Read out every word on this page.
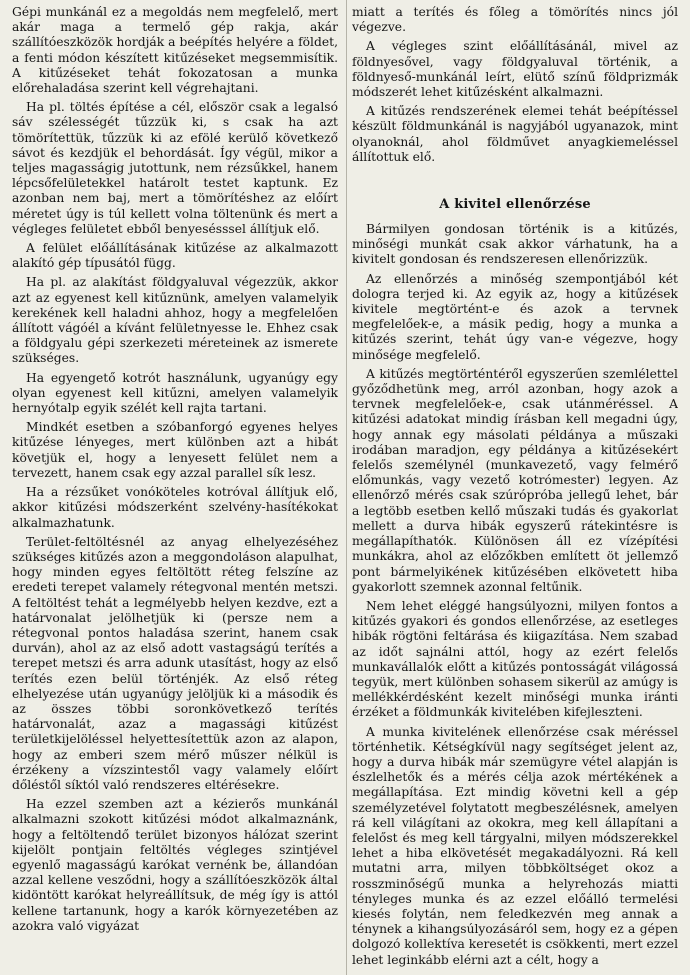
Gépi munkánál ez a megoldás nem megfelelő, mert akár maga a termelő gép rakja, akár szállítóeszközök hordják a beépítés helyére a földet, a fenti módon készített kitűzéseket megsemmisítik. A kitűzéseket tehát fokozatosan a munka előrehaladása szerint kell végrehajtani.

Ha pl. töltés építése a cél, először csak a legalsó sáv szélességét tűzzük ki, s csak ha azt tömörítettük, tűzzük ki az efölé kerülő következő sávot és kezdjük el behordását. Így végül, mikor a teljes magasságig jutottunk, nem rézsűkkel, hanem lépcsőfelületekkel határolt testet kaptunk. Ez azonban nem baj, mert a tömörítéshez az előírt méretet úgy is túl kellett volna töltenünk és mert a végleges felületet ebből benyesésssel állítjuk elő.

A felület előállításának kitűzése az alkalmazott alakító gép típusától függ.

Ha pl. az alakítást földgyaluval végezzük, akkor azt az egyenest kell kitűznünk, amelyen valamelyik kerekének kell haladni ahhoz, hogy a megfelelően állított vágóél a kívánt felületnyesse le. Ehhez csak a földgyalu gépi szerkezeti méreteinek az ismerete szükséges.

Ha egyengető kotrót használunk, ugyanúgy egy olyan egyenest kell kitűzni, amelyen valamelyik hernyótalp egyik szélét kell rajta tartani.

Mindkét esetben a szóbanforgó egyenes helyes kitűzése lényeges, mert különben azt a hibát követjük el, hogy a lenyesett felület nem a tervezett, hanem csak egy azzal parallel sík lesz.

Ha a rézsűket vonóköteles kotróval állítjuk elő, akkor kitűzési módszerként szelvény-hasítékokat alkalmazhatunk.

Terület-feltöltésnél az anyag elhelyezéséhez szükséges kitűzés azon a meggondoláson alapulhat, hogy minden egyes feltöltött réteg felszíne az eredeti terepet valamely rétegvonal mentén metszi. A feltöltést tehát a legmélyebb helyen kezdve, ezt a határvonalat jelölhetjük ki (persze nem a rétegvonal pontos haladása szerint, hanem csak durván), ahol az az első adott vastagságú terítés a terepet metszi és arra adunk utasítást, hogy az első terítés ezen belül történjék. Az első réteg elhelyezése után ugyanúgy jelöljük ki a második és az összes többi soronkövetkező terítés határvonalát, azaz a magassági kitűzést területkijelöléssel helyettesítettük azon az alapon, hogy az emberi szem mérő műszer nélkül is érzékeny a vízszintestől vagy valamely előírt dőléstől síktól való rendszeres eltérésekre.

Ha ezzel szemben azt a kézierős munkánál alkalmazni szokott kitűzési módot alkalmaznánk, hogy a feltöltendő terület bizonyos hálózat szerint kijelölt pontjain feltöltés végleges szintjével egyenlő magasságú karókat vernénk be, állandóan azzal kellene vesződni, hogy a szállítóeszközök által kidöntött karókat helyreállítsuk, de még így is attól kellene tartanunk, hogy a karók környezetében az azokra való vigyázat

miatt a terítés és főleg a tömörítés nincs jól végezve.

A végleges szint előállításánál, mivel az földnyesővel, vagy földgyaluval történik, a földnyeső-munkánál leírt, elütő színű földprizmák módszerét lehet kitűzésként alkalmazni.

A kitűzés rendszerének elemei tehát beépítéssel készült földmunkánál is nagyjából ugyanazok, mint olyanoknál, ahol földművet anyagkiemeléssel állítottuk elő.

A kivitel ellenőrzése

Bármilyen gondosan történik is a kitűzés, minőségi munkát csak akkor várhatunk, ha a kivitelt gondosan és rendszeresen ellenőrizzük.

Az ellenőrzés a minőség szempontjából két dologra terjed ki. Az egyik az, hogy a kitűzések kivitele megtörtént-e és azok a tervnek megfelelőek-e, a másik pedig, hogy a munka a kitűzés szerint, tehát úgy van-e végezve, hogy minősége megfelelő.

A kitűzés megtörténtéről egyszerűen szemlélettel győződhetünk meg, arról azonban, hogy azok a tervnek megfelelőek-e, csak utánméréssel. A kitűzési adatokat mindig írásban kell megadni úgy, hogy annak egy másolati példánya a műszaki irodában maradjon, egy példánya a kitűzésekért felelős személynél (munkavezető, vagy felmérő előmunkás, vagy vezető kotrómester) legyen. Az ellenőrző mérés csak szúrópróba jellegű lehet, bár a legtöbb esetben kellő műszaki tudás és gyakorlat mellett a durva hibák egyszerű rátekintésre is megállapíthatók. Különösen áll ez vízépítési munkákra, ahol az előzőkben említett öt jellemző pont bármelyikének kitűzésében elkövetett hiba gyakorlott szemnek azonnal feltűnik.

Nem lehet eléggé hangsúlyozni, milyen fontos a kitűzés gyakori és gondos ellenőrzése, az esetleges hibák rögtöni feltárása és kiigazítása. Nem szabad az időt sajnálni attól, hogy az ezért felelős munkavállalók előtt a kitűzés pontosságát világossá tegyük, mert különben sohasem sikerül az amúgy is mellékkérdésként kezelt minőségi munka iránti érzéket a földmunkák kivitelében kifejleszteni.

A munka kivitelének ellenőrzése csak méréssel történhetik. Kétségkívül nagy segítséget jelent az, hogy a durva hibák már szemügyre vétel alapján is észlelhetők és a mérés célja azok mértékének a megállapítása. Ezt mindig követni kell a gép személyzetével folytatott megbeszélésnek, amelyen rá kell világítani az okokra, meg kell állapítani a felelőst és meg kell tárgyalni, milyen módszerekkel lehet a hiba elkövetését megakadályozni. Rá kell mutatni arra, milyen többköltséget okoz a rosszminőségű munka a helyrehozás miatti tényleges munka és az ezzel előálló termelési kiesés folytán, nem feledkezvén meg annak a ténynek a kihangsúlyozásáról sem, hogy ez a gépen dolgozó kollektíva keresetét is csökkenti, mert ezzel lehet leginkább elérni azt a célt, hogy a
